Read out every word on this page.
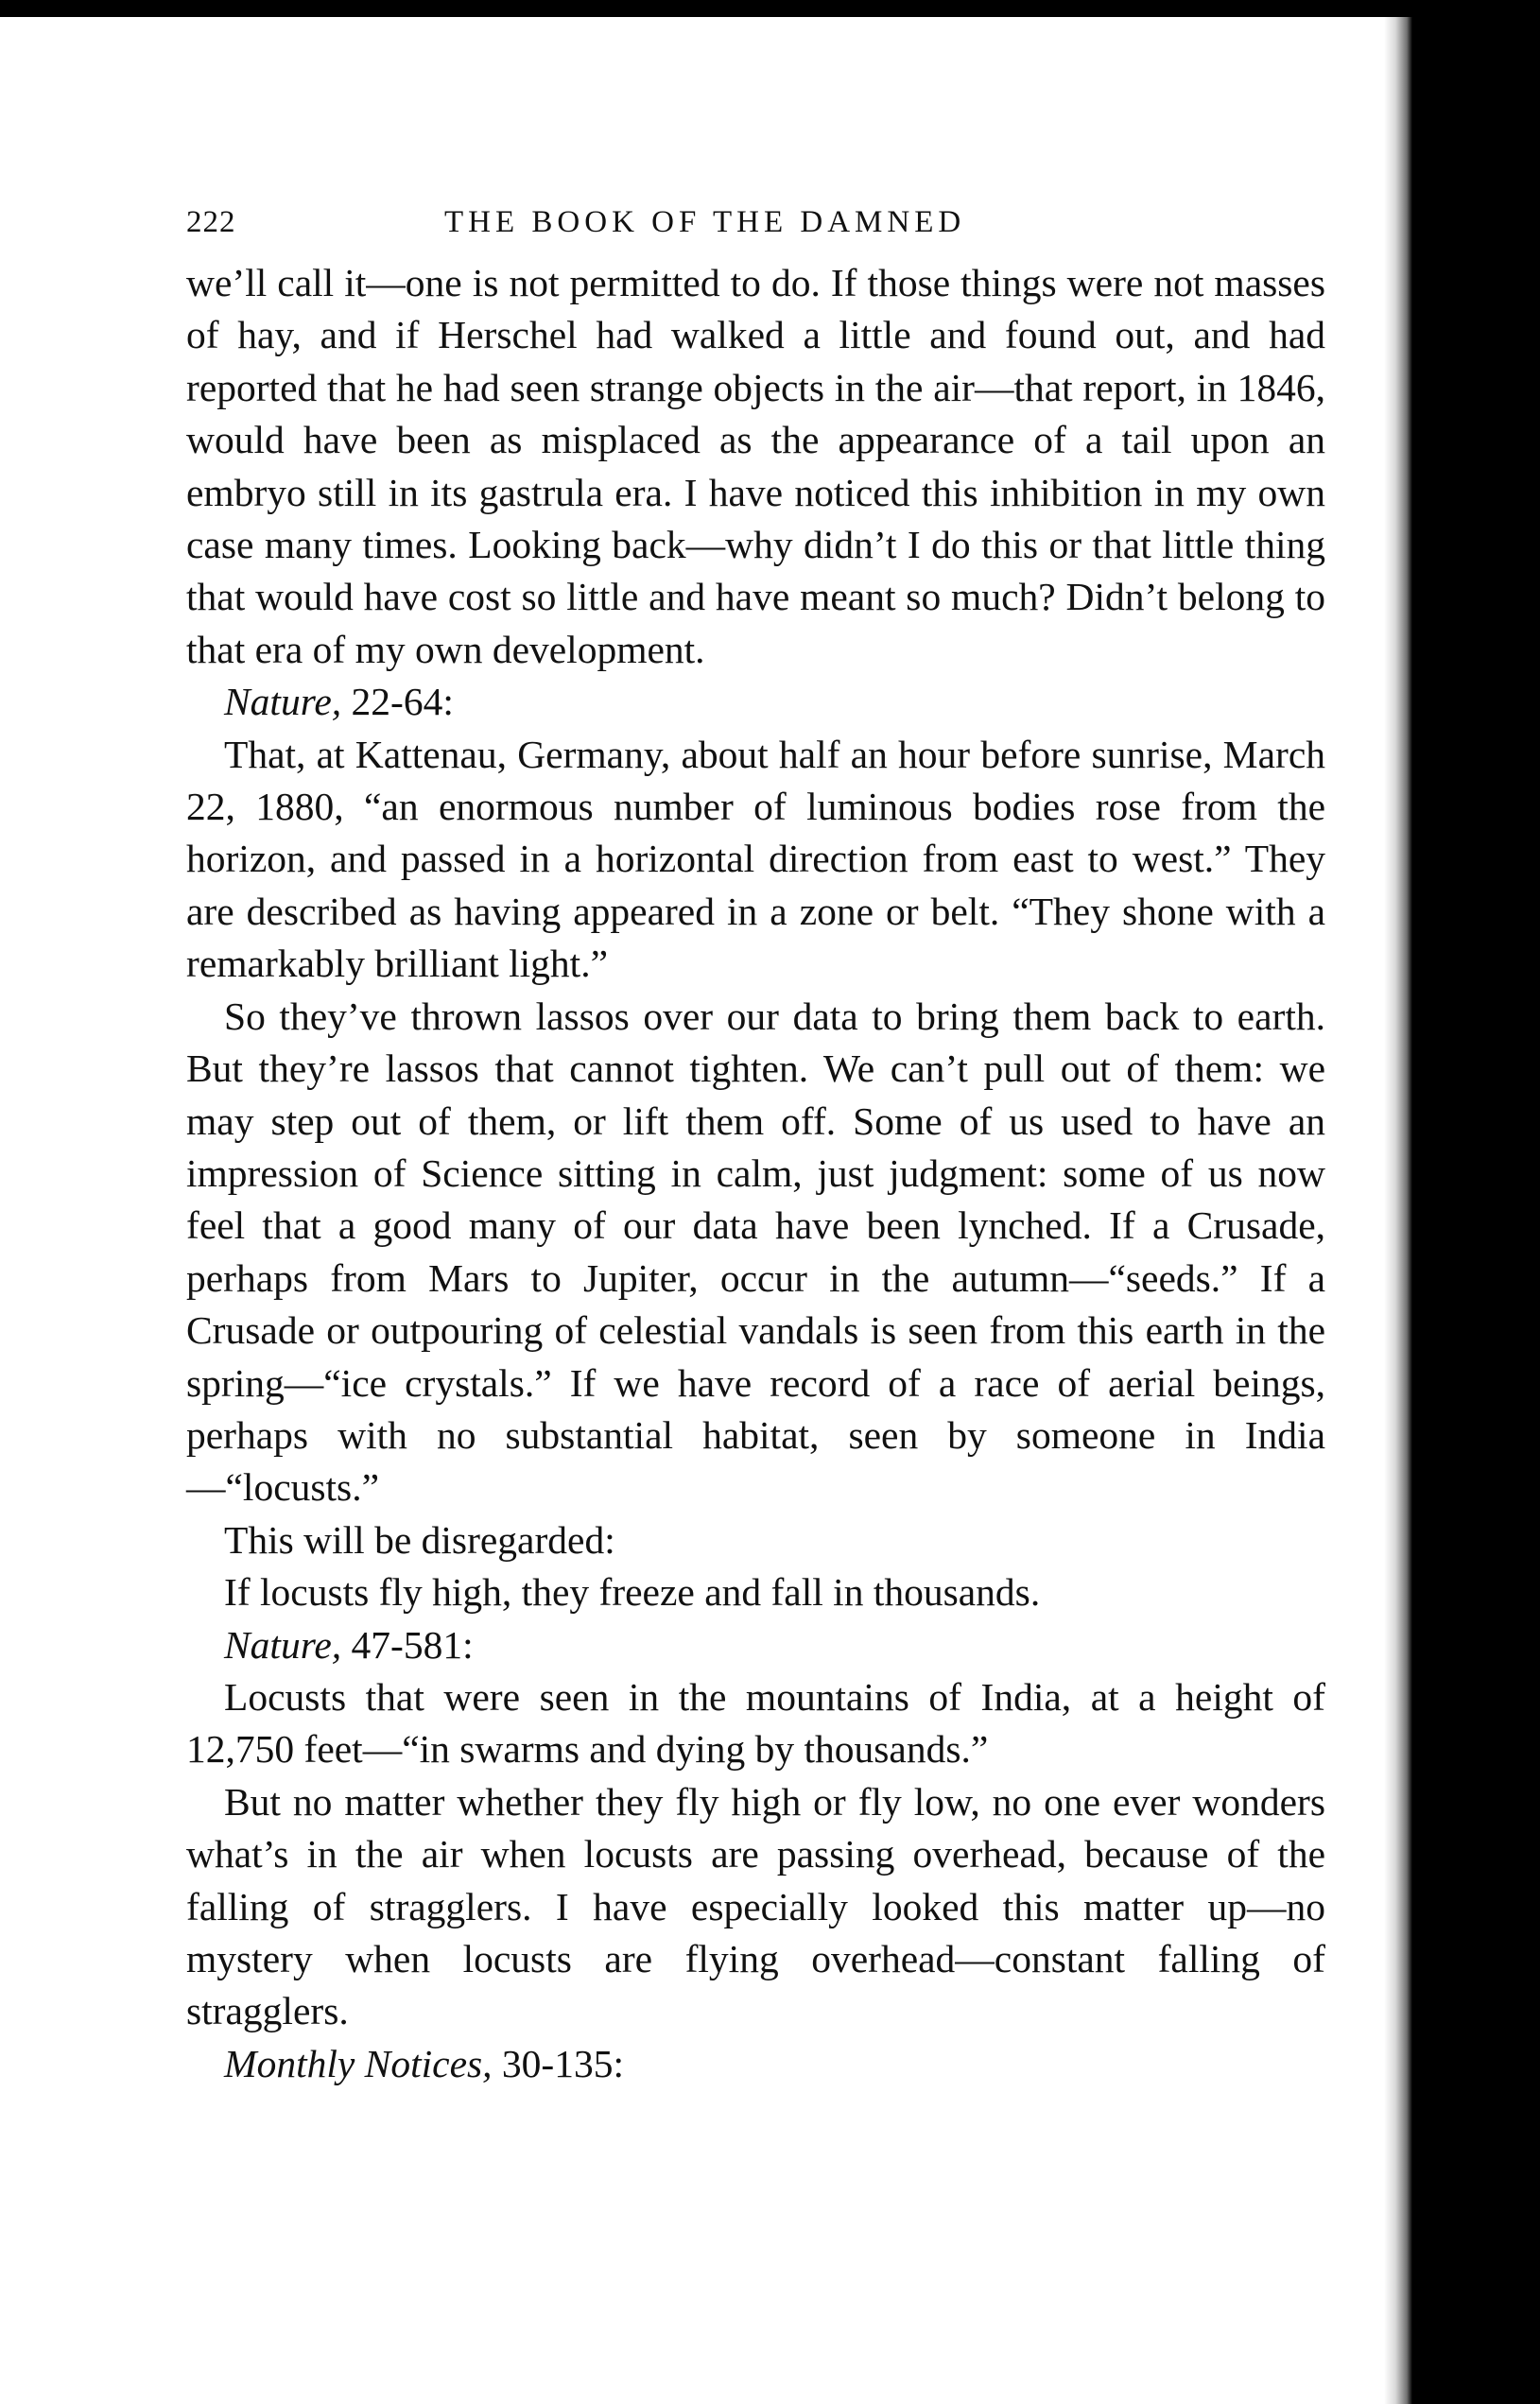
222	THE BOOK OF THE DAMNED

we’ll call it—one is not permitted to do. If those things were not masses of hay, and if Herschel had walked a little and found out, and had reported that he had seen strange objects in the air—that report, in 1846, would have been as misplaced as the appearance of a tail upon an embryo still in its gastrula era. I have noticed this inhibition in my own case many times. Looking back—why didn’t I do this or that little thing that would have cost so little and have meant so much? Didn’t belong to that era of my own development.

Nature, 22-64:

That, at Kattenau, Germany, about half an hour before sunrise, March 22, 1880, “an enormous number of luminous bodies rose from the horizon, and passed in a horizontal direction from east to west.” They are described as having appeared in a zone or belt. “They shone with a remarkably brilliant light.”

So they’ve thrown lassos over our data to bring them back to earth. But they’re lassos that cannot tighten. We can’t pull out of them: we may step out of them, or lift them off. Some of us used to have an impression of Science sitting in calm, just judgment: some of us now feel that a good many of our data have been lynched. If a Crusade, perhaps from Mars to Jupiter, occur in the autumn—“seeds.” If a Crusade or outpouring of celestial vandals is seen from this earth in the spring—“ice crystals.” If we have record of a race of aerial beings, perhaps with no substantial habitat, seen by someone in India—“locusts.”

This will be disregarded:

If locusts fly high, they freeze and fall in thousands.

Nature, 47-581:

Locusts that were seen in the mountains of India, at a height of 12,750 feet—“in swarms and dying by thousands.”

But no matter whether they fly high or fly low, no one ever wonders what’s in the air when locusts are passing overhead, because of the falling of stragglers. I have especially looked this matter up—no mystery when locusts are flying overhead—constant falling of stragglers.

Monthly Notices, 30-135:
